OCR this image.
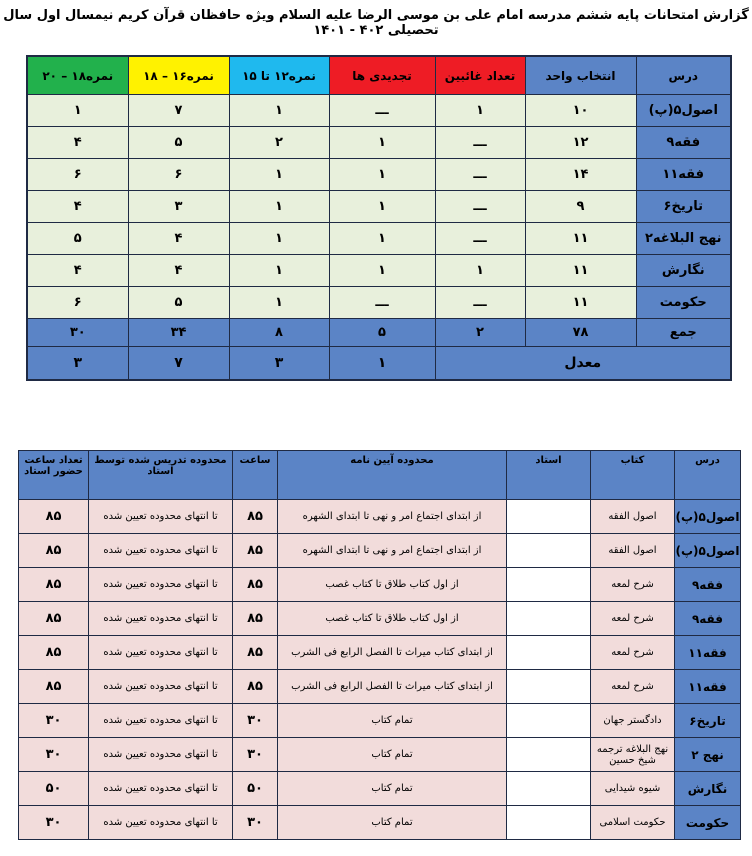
گزارش امتحانات پایه ششم مدرسه امام علی بن موسی الرضا علیه السلام ویژه حافظان قرآن کریم نیمسال اول سال تحصیلی ۴۰۲ - ۱۴۰۱
درس	انتخاب واحد	تعداد غائبین	تجدیدی ها	نمره۱۲ تا ۱۵	نمره۱۶ – ۱۸	نمره۱۸ – ۲۰
اصول۵(پ)	۱۰	۱	ـــ	۱	۷	۱
فقه۹	۱۲	ـــ	۱	۲	۵	۴
فقه۱۱	۱۴	ـــ	۱	۱	۶	۶
تاریخ۶	۹	ـــ	۱	۱	۳	۴
نهج البلاغه۲	۱۱	ـــ	۱	۱	۴	۵
نگارش	۱۱	۱	۱	۱	۴	۴
حکومت	۱۱	ـــ	ـــ	۱	۵	۶
جمع	۷۸	۲	۵	۸	۳۴	۳۰
معدل			۱	۳	۷	۳
درس	کتاب	استاد	محدوده آیین نامه	ساعت	محدوده تدریس شده توسط استاد	تعداد ساعت حضور استاد
اصول۵(پ)	اصول الفقه		از ابتدای اجتماع امر و نهی تا ابتدای الشهره	۸۵	تا انتهای محدوده تعیین شده	۸۵
اصول۵(پ)	اصول الفقه		از ابتدای اجتماع امر و نهی تا ابتدای الشهره	۸۵	تا انتهای محدوده تعیین شده	۸۵
فقه۹	شرح لمعه		از اول کتاب طلاق تا کتاب غصب	۸۵	تا انتهای محدوده تعیین شده	۸۵
فقه۹	شرح لمعه		از اول کتاب طلاق تا کتاب غصب	۸۵	تا انتهای محدوده تعیین شده	۸۵
فقه۱۱	شرح لمعه		از ابتدای کتاب میراث تا الفصل الرابع فی الشرب	۸۵	تا انتهای محدوده تعیین شده	۸۵
فقه۱۱	شرح لمعه		از ابتدای کتاب میراث تا الفصل الرابع فی الشرب	۸۵	تا انتهای محدوده تعیین شده	۸۵
تاریخ۶	دادگستر جهان		تمام کتاب	۳۰	تا انتهای محدوده تعیین شده	۳۰
نهج ۲	نهج البلاغه ترجمه شیخ حسین		تمام کتاب	۳۰	تا انتهای محدوده تعیین شده	۳۰
نگارش	شیوه شیدایی		تمام کتاب	۵۰	تا انتهای محدوده تعیین شده	۵۰
حکومت	حکومت اسلامی		تمام کتاب	۳۰	تا انتهای محدوده تعیین شده	۳۰
